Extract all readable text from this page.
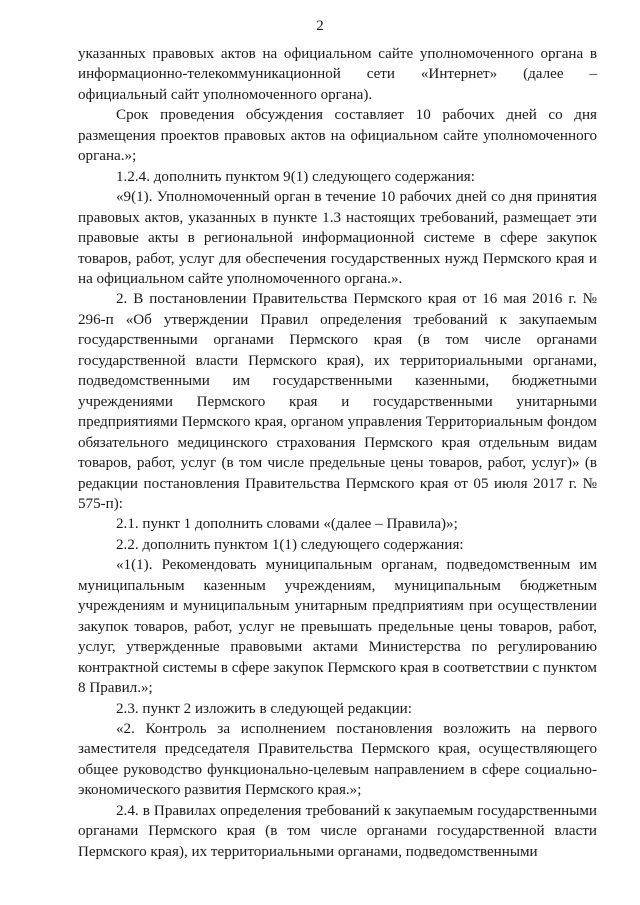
2

указанных правовых актов на официальном сайте уполномоченного органа в информационно-телекоммуникационной сети «Интернет» (далее – официальный сайт уполномоченного органа).

Срок проведения обсуждения составляет 10 рабочих дней со дня размещения проектов правовых актов на официальном сайте уполномоченного органа.»;

1.2.4. дополнить пунктом 9(1) следующего содержания:

«9(1). Уполномоченный орган в течение 10 рабочих дней со дня принятия правовых актов, указанных в пункте 1.3 настоящих требований, размещает эти правовые акты в региональной информационной системе в сфере закупок товаров, работ, услуг для обеспечения государственных нужд Пермского края и на официальном сайте уполномоченного органа.».

2. В постановлении Правительства Пермского края от 16 мая 2016 г. № 296-п «Об утверждении Правил определения требований к закупаемым государственными органами Пермского края (в том числе органами государственной власти Пермского края), их территориальными органами, подведомственными им государственными казенными, бюджетными учреждениями Пермского края и государственными унитарными предприятиями Пермского края, органом управления Территориальным фондом обязательного медицинского страхования Пермского края отдельным видам товаров, работ, услуг (в том числе предельные цены товаров, работ, услуг)» (в редакции постановления Правительства Пермского края от 05 июля 2017 г. № 575-п):

2.1. пункт 1 дополнить словами «(далее – Правила)»;

2.2. дополнить пунктом 1(1) следующего содержания:

«1(1). Рекомендовать муниципальным органам, подведомственным им муниципальным казенным учреждениям, муниципальным бюджетным учреждениям и муниципальным унитарным предприятиям при осуществлении закупок товаров, работ, услуг не превышать предельные цены товаров, работ, услуг, утвержденные правовыми актами Министерства по регулированию контрактной системы в сфере закупок Пермского края в соответствии с пунктом 8 Правил.»;

2.3. пункт 2 изложить в следующей редакции:

«2. Контроль за исполнением постановления возложить на первого заместителя председателя Правительства Пермского края, осуществляющего общее руководство функционально-целевым направлением в сфере социально-экономического развития Пермского края.»;

2.4. в Правилах определения требований к закупаемым государственными органами Пермского края (в том числе органами государственной власти Пермского края), их территориальными органами, подведомственными
